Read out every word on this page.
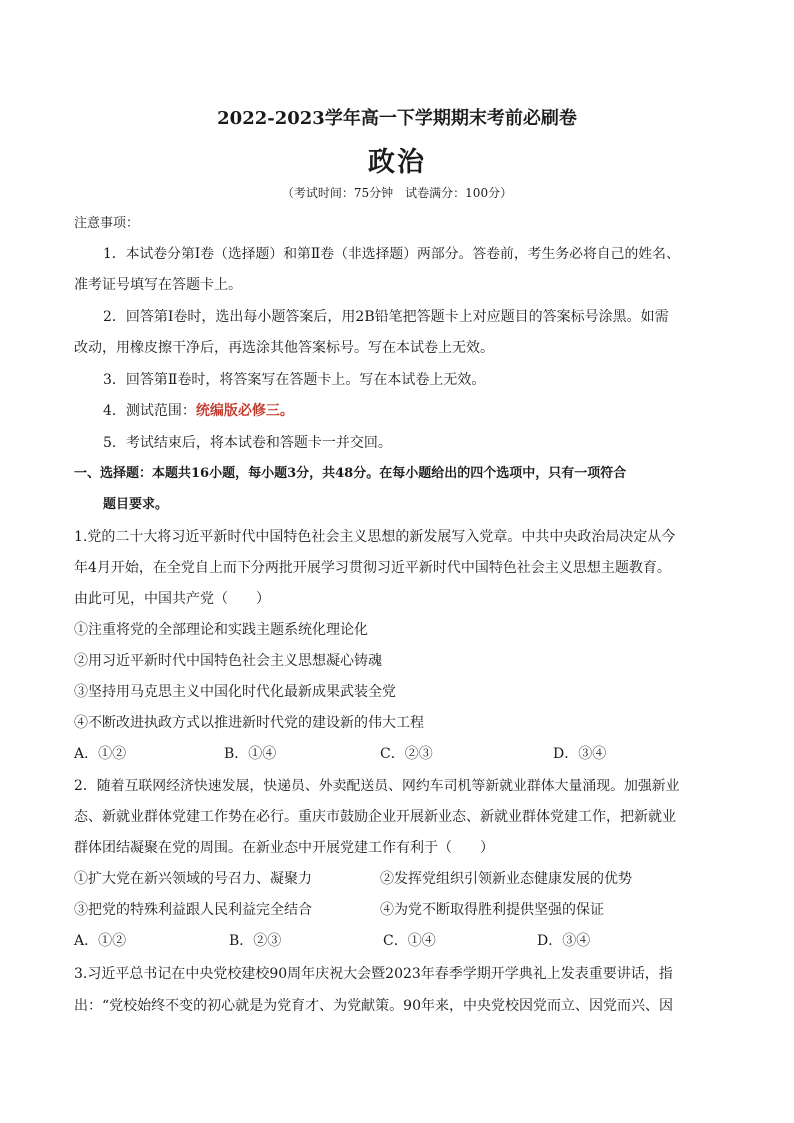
2022-2023学年高一下学期期末考前必刷卷
政治
（考试时间：75分钟　试卷满分：100分）
注意事项：
1．本试卷分第Ⅰ卷（选择题）和第Ⅱ卷（非选择题）两部分。答卷前，考生务必将自己的姓名、
准考证号填写在答题卡上。
2．回答第Ⅰ卷时，选出每小题答案后，用2B铅笔把答题卡上对应题目的答案标号涂黑。如需
改动，用橡皮擦干净后，再选涂其他答案标号。写在本试卷上无效。
3．回答第Ⅱ卷时，将答案写在答题卡上。写在本试卷上无效。
4．测试范围：统编版必修三。
5．考试结束后，将本试卷和答题卡一并交回。
一、选择题：本题共16小题，每小题3分，共48分。在每小题给出的四个选项中，只有一项符合
题目要求。
1.党的二十大将习近平新时代中国特色社会主义思想的新发展写入党章。中共中央政治局决定从今
年4月开始，在全党自上而下分两批开展学习贯彻习近平新时代中国特色社会主义思想主题教育。
由此可见，中国共产党（　　）
①注重将党的全部理论和实践主题系统化理论化
②用习近平新时代中国特色社会主义思想凝心铸魂
③坚持用马克思主义中国化时代化最新成果武装全党
④不断改进执政方式以推进新时代党的建设新的伟大工程
A．①②	B．①④	C．②③	D．③④
2．随着互联网经济快速发展，快递员、外卖配送员、网约车司机等新就业群体大量涌现。加强新业
态、新就业群体党建工作势在必行。重庆市鼓励企业开展新业态、新就业群体党建工作，把新就业
群体团结凝聚在党的周围。在新业态中开展党建工作有利于（　　）
①扩大党在新兴领域的号召力、凝聚力	②发挥党组织引领新业态健康发展的优势
③把党的特殊利益跟人民利益完全结合	④为党不断取得胜利提供坚强的保证
A．①②	B．②③	C．①④	D．③④
3.习近平总书记在中央党校建校90周年庆祝大会暨2023年春季学期开学典礼上发表重要讲话，指
出：“党校始终不变的初心就是为党育才、为党献策。90年来，中央党校因党而立、因党而兴、因
